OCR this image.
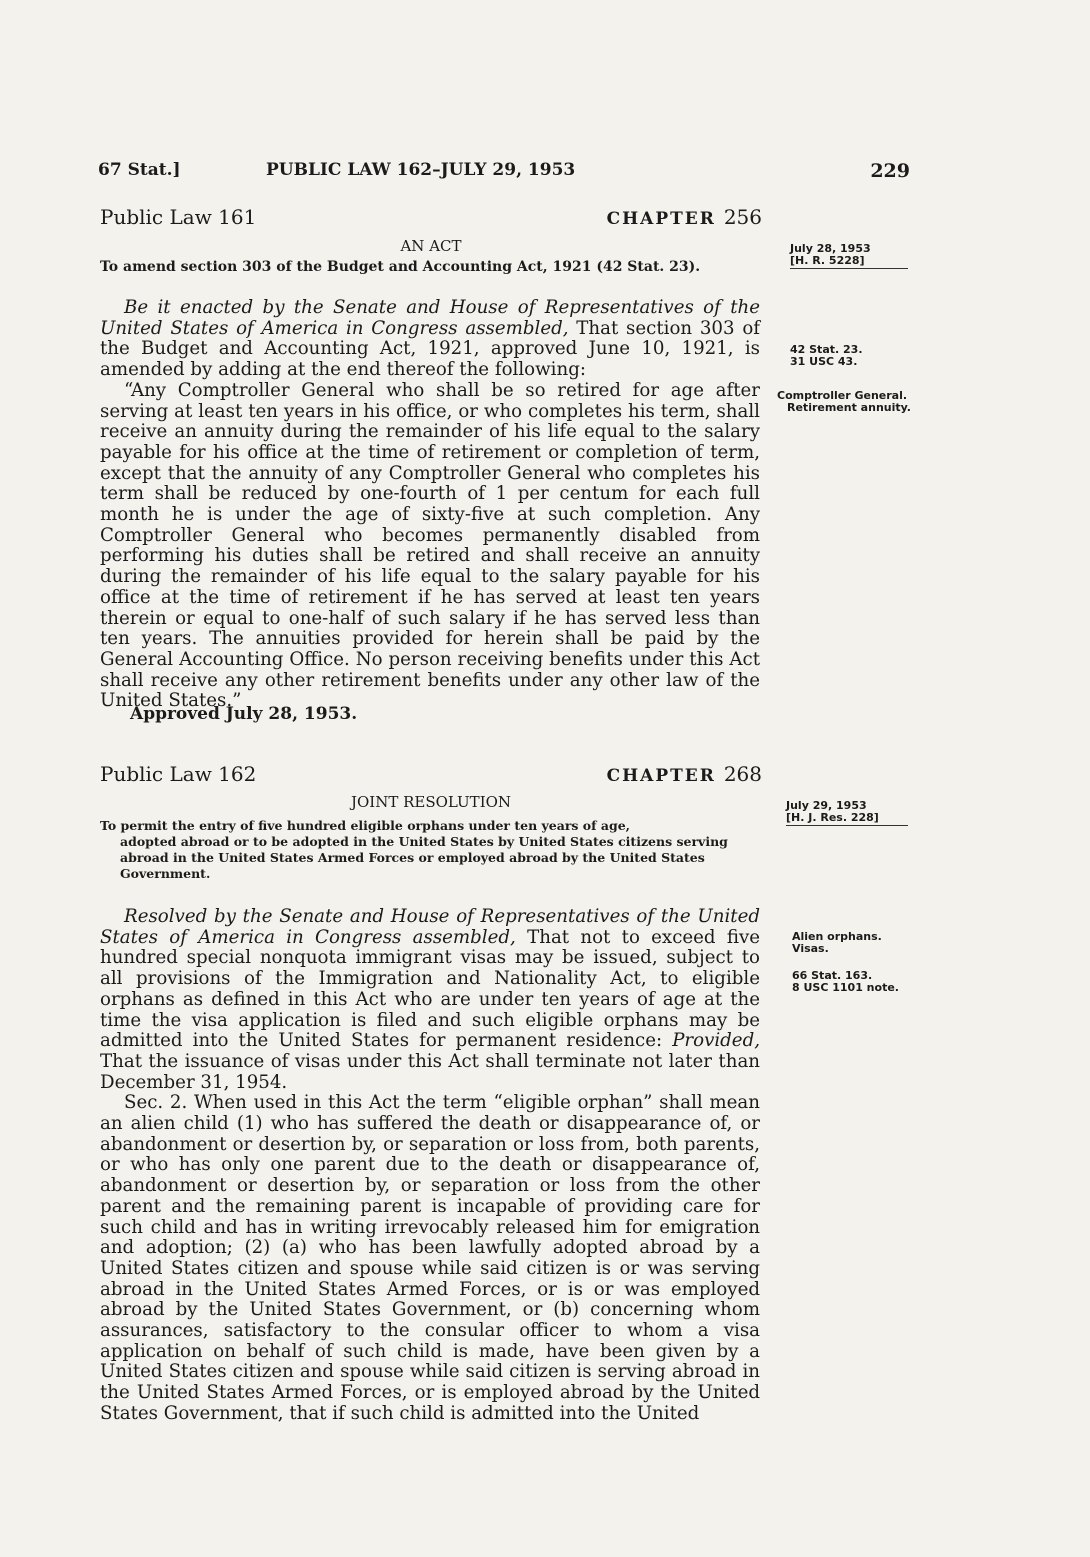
67 Stat.]	PUBLIC LAW 162–JULY 29, 1953	229
Public Law 161	CHAPTER 256
AN ACT
To amend section 303 of the Budget and Accounting Act, 1921 (42 Stat. 23).
July 28, 1953
[H. R. 5228]

Be it enacted by the Senate and House of Representatives of the United States of America in Congress assembled, That section 303 of the Budget and Accounting Act, 1921, approved June 10, 1921, is amended by adding at the end thereof the following:

“Any Comptroller General who shall be so retired for age after serving at least ten years in his office, or who completes his term, shall receive an annuity during the remainder of his life equal to the salary payable for his office at the time of retirement or completion of term, except that the annuity of any Comptroller General who completes his term shall be reduced by one-fourth of 1 per centum for each full month he is under the age of sixty-five at such completion. Any Comptroller General who becomes permanently disabled from performing his duties shall be retired and shall receive an annuity during the remainder of his life equal to the salary payable for his office at the time of retirement if he has served at least ten years therein or equal to one-half of such salary if he has served less than ten years. The annuities provided for herein shall be paid by the General Accounting Office. No person receiving benefits under this Act shall receive any other retirement benefits under any other law of the United States.”

42 Stat. 23.
31 USC 43.
Comptroller General.
Retirement annuity.
Approved July 28, 1953.
Public Law 162	CHAPTER 268
JOINT RESOLUTION
To permit the entry of five hundred eligible orphans under ten years of age,
adopted abroad or to be adopted in the United States by United States citizens serving abroad in the United States Armed Forces or employed abroad by the United States Government.
July 29, 1953
[H. J. Res. 228]

Resolved by the Senate and House of Representatives of the United States of America in Congress assembled, That not to exceed five hundred special nonquota immigrant visas may be issued, subject to all provisions of the Immigration and Nationality Act, to eligible orphans as defined in this Act who are under ten years of age at the time the visa application is filed and such eligible orphans may be admitted into the United States for permanent residence: Provided, That the issuance of visas under this Act shall terminate not later than December 31, 1954.

Sec. 2. When used in this Act the term “eligible orphan” shall mean an alien child (1) who has suffered the death or disappearance of, or abandonment or desertion by, or separation or loss from, both parents, or who has only one parent due to the death or disappearance of, abandonment or desertion by, or separation or loss from the other parent and the remaining parent is incapable of providing care for such child and has in writing irrevocably released him for emigration and adoption; (2) (a) who has been lawfully adopted abroad by a United States citizen and spouse while said citizen is or was serving abroad in the United States Armed Forces, or is or was employed abroad by the United States Government, or (b) concerning whom assurances, satisfactory to the consular officer to whom a visa application on behalf of such child is made, have been given by a United States citizen and spouse while said citizen is serving abroad in the United States Armed Forces, or is employed abroad by the United States Government, that if such child is admitted into the United

Alien orphans.
Visas.
66 Stat. 163.
8 USC 1101 note.
